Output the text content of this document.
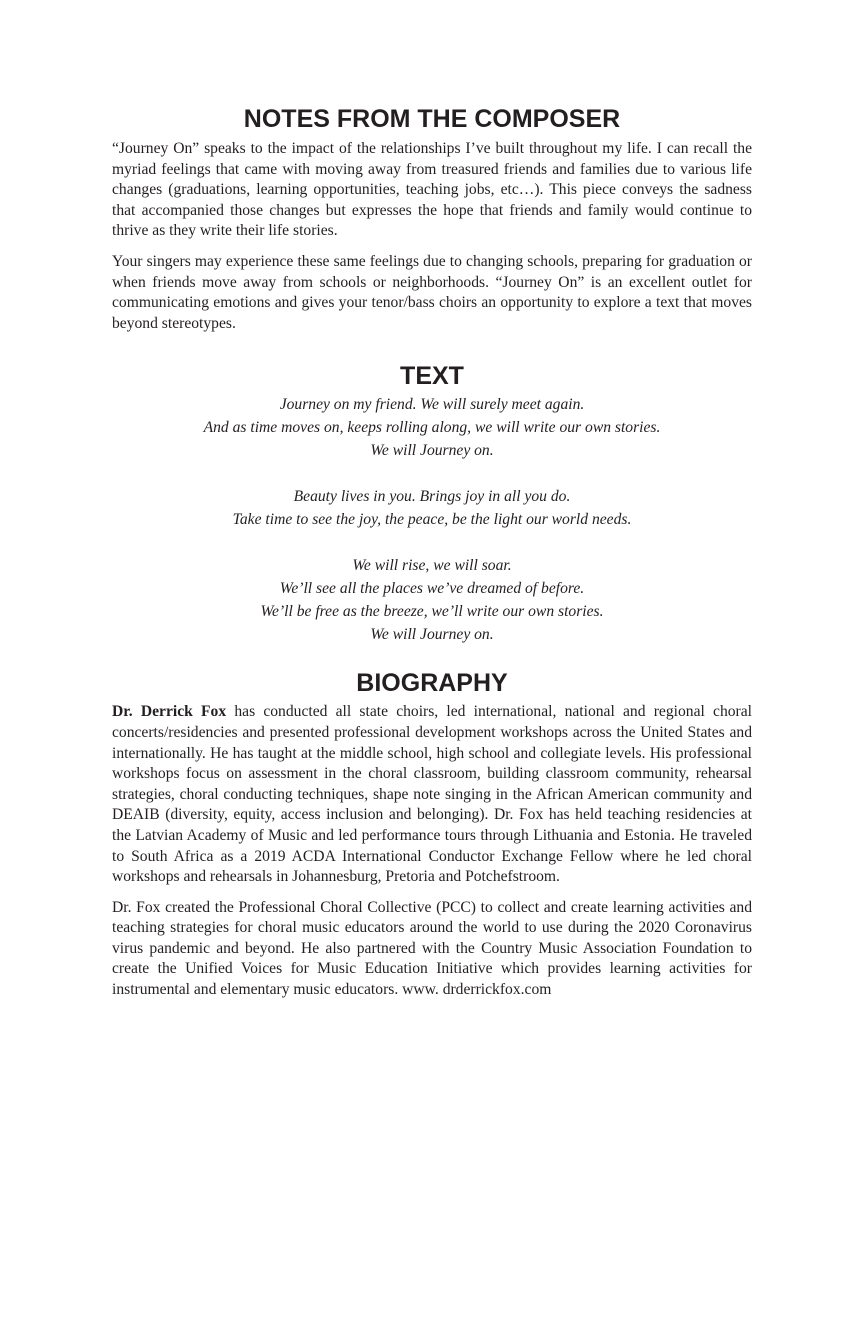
NOTES FROM THE COMPOSER

“Journey On” speaks to the impact of the relationships I’ve built throughout my life. I can recall the myriad feelings that came with moving away from treasured friends and families due to various life changes (graduations, learning opportunities, teaching jobs, etc…). This piece conveys the sadness that accompanied those changes but expresses the hope that friends and family would continue to thrive as they write their life stories.

Your singers may experience these same feelings due to changing schools, preparing for graduation or when friends move away from schools or neighborhoods. “Journey On” is an excellent outlet for communicating emotions and gives your tenor/bass choirs an opportunity to explore a text that moves beyond stereotypes.

TEXT
Journey on my friend. We will surely meet again.
And as time moves on, keeps rolling along, we will write our own stories.
We will Journey on.
Beauty lives in you. Brings joy in all you do.
Take time to see the joy, the peace, be the light our world needs.
We will rise, we will soar.
We’ll see all the places we’ve dreamed of before.
We’ll be free as the breeze, we’ll write our own stories.
We will Journey on.
BIOGRAPHY

Dr. Derrick Fox has conducted all state choirs, led international, national and regional choral concerts/residencies and presented professional development workshops across the United States and internationally. He has taught at the middle school, high school and collegiate levels. His professional workshops focus on assessment in the choral classroom, building classroom community, rehearsal strategies, choral conducting techniques, shape note singing in the African American community and DEAIB (diversity, equity, access inclusion and belonging). Dr. Fox has held teaching residencies at the Latvian Academy of Music and led performance tours through Lithuania and Estonia. He traveled to South Africa as a 2019 ACDA International Conductor Exchange Fellow where he led choral workshops and rehearsals in Johannesburg, Pretoria and Potchefstroom.

Dr. Fox created the Professional Choral Collective (PCC) to collect and create learning activities and teaching strategies for choral music educators around the world to use during the 2020 Coronavirus virus pandemic and beyond. He also partnered with the Country Music Association Foundation to create the Unified Voices for Music Education Initiative which provides learning activities for instrumental and elementary music educators. www. drderrickfox.com
